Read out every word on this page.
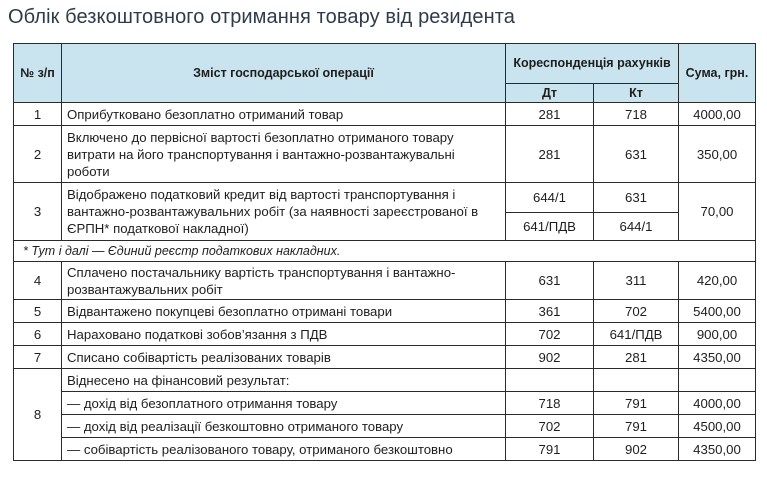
Облік безкоштовного отримання товару від резидента
№ з/п	Зміст господарської операції	Кореспонденція рахунків		Сума, грн.
		Дт	Кт	
1	Оприбутковано безоплатно отриманий товар	281	718	4000,00
2	Включено до первісної вартості безоплатно отриманого товару витрати на його транспортування і вантажно-розвантажувальні роботи	281	631	350,00
3	Відображено податковий кредит від вартості транспортування і вантажно-розвантажувальних робіт (за наявності зареєстрованої в ЄРПН* податкової накладної)	644/1	631	70,00
		641/ПДВ	644/1	
* Тут і далі — Єдиний реєстр податкових накладних.				
4	Сплачено постачальнику вартість транспортування і вантажно-розвантажувальних робіт	631	311	420,00
5	Відвантажено покупцеві безоплатно отримані товари	361	702	5400,00
6	Нараховано податкові зобов’язання з ПДВ	702	641/ПДВ	900,00
7	Списано собівартість реалізованих товарів	902	281	4350,00
8	Віднесено на фінансовий результат:			
	— дохід від безоплатного отримання товару	718	791	4000,00
	— дохід від реалізації безкоштовно отриманого товару	702	791	4500,00
	— собівартість реалізованого товару, отриманого безкоштовно	791	902	4350,00
